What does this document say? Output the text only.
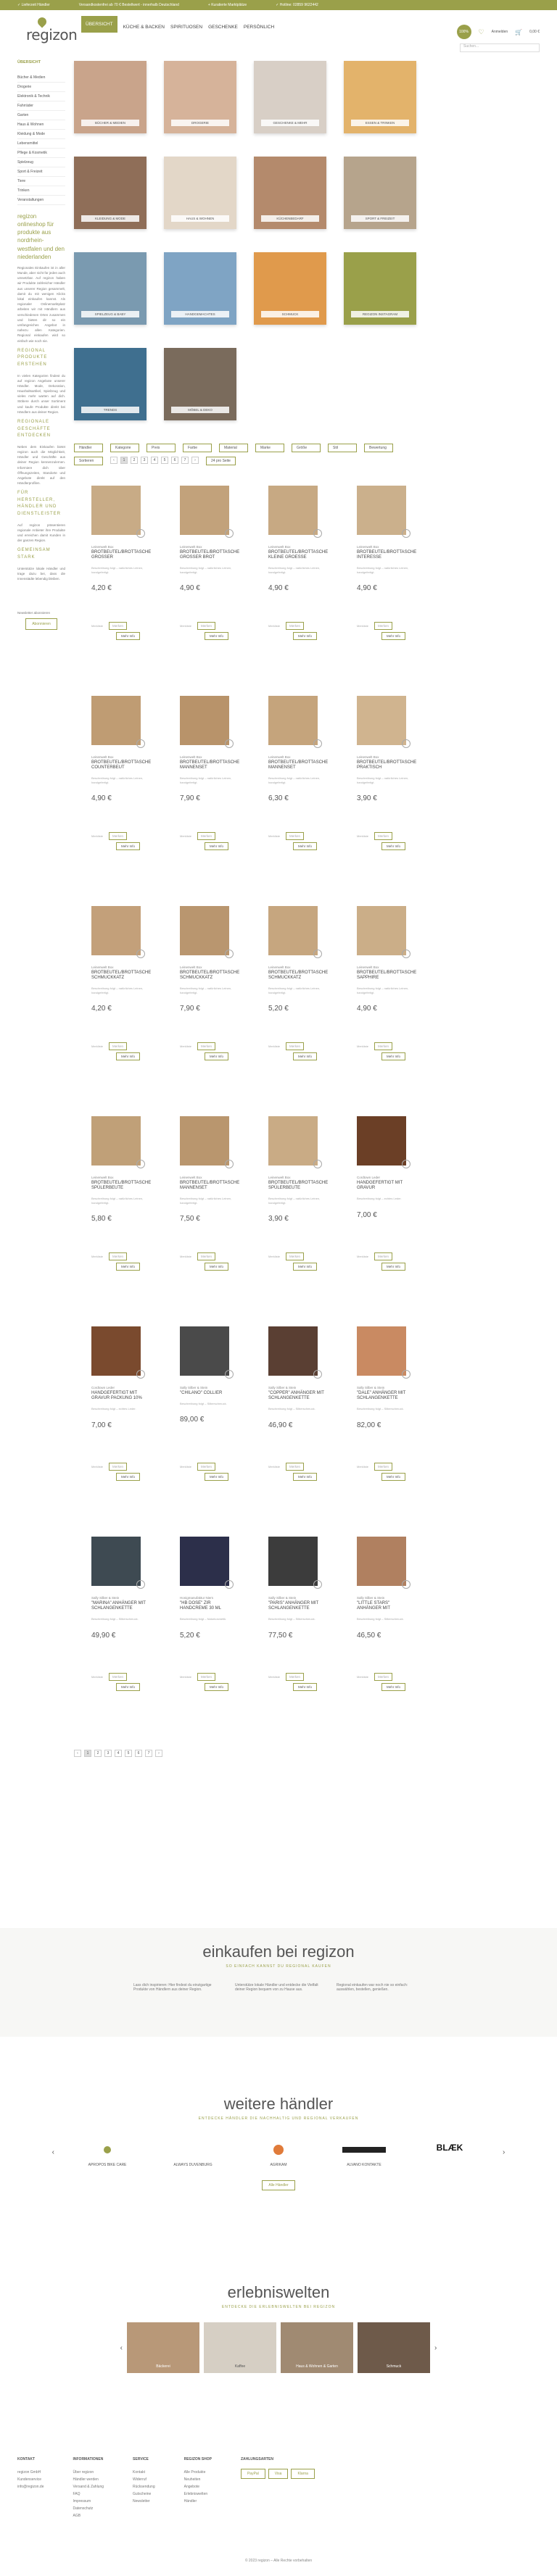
✓ Lieferzeit Händler	Versandkostenfrei ab 70 € Bestellwert - innerhalb Deutschland	+ Kuratierte Marktplätze	✓ Hotline: 02859 9622442
regizon
ÜBERSICHT
KÜCHE & BACKEN SPIRITUOSEN GESCHENKE PERSÖNLICH
100%	♡ Anmelden 🛒 0,00 €
Suchen...
ÜBERSICHT
Bücher & Medien
Drogerie
Elektronik & Technik
Fahrräder
Garten
Haus & Wohnen
Kleidung & Mode
Lebensmittel
Pflege & Kosmetik
Spielzeug
Sport & Freizeit
Tiere
Trinken
Veranstaltungen
regizon onlineshop für produkte aus nordrhein-westfalen und den niederlanden
Regionales Einkaufen ist in aller Munde, aber nicht für jeden auch umsetzbar. Auf regizon haben wir Produkte zahlreicher Händler aus unserer Region gesammelt, damit du mit wenigen Klicks lokal einkaufen kannst. Als regionaler Onlinemarktplatz arbeiten wir mit Händlern aus verschiedenen Orten zusammen und bieten dir so ein umfangreiches Angebot in nahezu allen Kategorien. Regional einkaufen wird so einfach wie noch nie.
REGIONAL PRODUKTE ERSTEHEN
In vielen Kategorien findest du auf regizon Angebote unserer Händler. Mode, Dekoration, Haushaltsartikel, Spielzeug und vieles mehr warten auf dich. Stöbere durch unser Sortiment und kaufe Produkte direkt bei Händlern aus deiner Region.
REGIONALE GESCHÄFTE ENTDECKEN
Neben dem Einkaufen bietet regizon auch die Möglichkeit, Händler und Geschäfte aus deiner Region kennenzulernen. Informiere dich über Öffnungszeiten, Standorte und Angebote direkt auf den Händlerprofilen.
FÜR HERSTELLER, HÄNDLER UND DIENSTLEISTER
Auf regizon präsentieren regionale Anbieter ihre Produkte und erreichen damit Kunden in der ganzen Region.
GEMEINSAM STARK
Unterstütze lokale Händler und trage dazu bei, dass die Innenstädte lebendig bleiben.
Newsletter abonnieren
Abonnieren
BÜCHER & MEDIEN	DROGERIE	GESCHENKE & MEHR	ESSEN & TRINKEN
KLEIDUNG & MODE	HAUS & WOHNEN	KÜCHENBEDARF	SPORT & FREIZEIT
SPIELZEUG & BABY	HANDGEMACHTES	SCHMUCK	REGIZON INSTAGRAM
TRENDS	MÖBEL & DEKO
Händler	Kategorie	Preis	Farbe	Material	Marke	Größe	Stil	Bewertung
Sortieren	‹	1	2	3	4	5	6	7	›	24 pro Seite
Leinenwelt Box
BROTBEUTEL/BROTTASCHE GROSSER
Beschreibung folgt – natürliches Leinen, handgefertigt.
4,20 €
Merkliste	Merken
Mehr Info
Leinenwelt Box
BROTBEUTEL/BROTTASCHE GROSSER BROT
Beschreibung folgt – natürliches Leinen, handgefertigt.
4,90 €
Merkliste	Merken
Mehr Info
Leinenwelt Box
BROTBEUTEL/BROTTASCHE KLEINE GROESSE
Beschreibung folgt – natürliches Leinen, handgefertigt.
4,90 €
Merkliste	Merken
Mehr Info
Leinenwelt Box
BROTBEUTEL/BROTTASCHE INTERESSE
Beschreibung folgt – natürliches Leinen, handgefertigt.
4,90 €
Merkliste	Merken
Mehr Info
Leinenwelt Box
BROTBEUTEL/BROTTASCHE COUNTERBEUT
Beschreibung folgt – natürliches Leinen, handgefertigt.
4,90 €
Merkliste	Merken
Mehr Info
Leinenwelt Box
BROTBEUTEL/BROTTASCHE MANNENSET
Beschreibung folgt – natürliches Leinen, handgefertigt.
7,90 €
Merkliste	Merken
Mehr Info
Leinenwelt Box
BROTBEUTEL/BROTTASCHE MANNENSET
Beschreibung folgt – natürliches Leinen, handgefertigt.
6,30 €
Merkliste	Merken
Mehr Info
Leinenwelt Box
BROTBEUTEL/BROTTASCHE PRAKTISCH
Beschreibung folgt – natürliches Leinen, handgefertigt.
3,90 €
Merkliste	Merken
Mehr Info
Leinenwelt Box
BROTBEUTEL/BROTTASCHE SCHMUCKKATZ
Beschreibung folgt – natürliches Leinen, handgefertigt.
4,20 €
Merkliste	Merken
Mehr Info
Leinenwelt Box
BROTBEUTEL/BROTTASCHE SCHMUCKKATZ
Beschreibung folgt – natürliches Leinen, handgefertigt.
7,90 €
Merkliste	Merken
Mehr Info
Leinenwelt Box
BROTBEUTEL/BROTTASCHE SCHMUCKKATZ
Beschreibung folgt – natürliches Leinen, handgefertigt.
5,20 €
Merkliste	Merken
Mehr Info
Leinenwelt Box
BROTBEUTEL/BROTTASCHE SAPPHIRE
Beschreibung folgt – natürliches Leinen, handgefertigt.
4,90 €
Merkliste	Merken
Mehr Info
Leinenwelt Box
BROTBEUTEL/BROTTASCHE SPÜLERBEUTE
Beschreibung folgt – natürliches Leinen, handgefertigt.
5,80 €
Merkliste	Merken
Mehr Info
Leinenwelt Box
BROTBEUTEL/BROTTASCHE MANNENSET
Beschreibung folgt – natürliches Leinen, handgefertigt.
7,50 €
Merkliste	Merken
Mehr Info
Leinenwelt Box
BROTBEUTEL/BROTTASCHE SPÜLERBEUTE
Beschreibung folgt – natürliches Leinen, handgefertigt.
3,90 €
Merkliste	Merken
Mehr Info
Cordtown Leder
HANDGEFERTIGT MIT GRAVUR
Beschreibung folgt – echtes Leder.
7,00 €
Merkliste	Merken
Mehr Info
Cordtown Leder
HANDGEFERTIGT MIT GRAVUR PACKUNG 10%
Beschreibung folgt – echtes Leder.
7,00 €
Merkliste	Merken
Mehr Info
Sally Silber & Stein
"CHILANO" COLLIER
Beschreibung folgt – Silberschmuck.
89,00 €
Merkliste	Merken
Mehr Info
Sally Silber & Stein
"COPPER" ANHÄNGER MIT SCHLANGENKETTE
Beschreibung folgt – Silberschmuck.
46,90 €
Merkliste	Merken
Mehr Info
Sally Silber & Stein
"DALE" ANHÄNGER MIT SCHLANGENKETTE
Beschreibung folgt – Silberschmuck.
82,00 €
Merkliste	Merken
Mehr Info
Sally Silber & Stein
"MARINA" ANHÄNGER MIT SCHLANGENKETTE
Beschreibung folgt – Silberschmuck.
49,90 €
Merkliste	Merken
Mehr Info
Honigmanufaktur Niers
"HB DOSE" ZIR HANDCREME 30 ML
Beschreibung folgt – Naturkosmetik.
5,20 €
Merkliste	Merken
Mehr Info
Sally Silber & Stein
"PARIS" ANHÄNGER MIT SCHLANGENKETTE
Beschreibung folgt – Silberschmuck.
77,50 €
Merkliste	Merken
Mehr Info
Sally Silber & Stein
"LITTLE STARS" ANHÄNGER MIT
Beschreibung folgt – Silberschmuck.
46,50 €
Merkliste	Merken
Mehr Info
‹	1	2	3	4	5	6	7	›
einkaufen bei regizon
SO EINFACH KANNST DU REGIONAL KAUFEN

Lass dich inspirieren: Hier findest du einzigartige Produkte von Händlern aus deiner Region.

Unterstütze lokale Händler und entdecke die Vielfalt deiner Region bequem von zu Hause aus.

Regional einkaufen war noch nie so einfach: auswählen, bestellen, genießen.

weitere händler
ENTDECKE HÄNDLER DIE NACHHALTIG UND REGIONAL VERKAUFEN
‹
APROPOS BIKE CARE	ALWAYS DUVENBURG	AGRIKAM	ALVANO KONTAKTE
BLÆK	›
Alle Händler
erlebniswelten
ENTDECKE DIE ERLEBNISWELTEN BEI REGIZON
‹
Bäckerei	Kaffee	Haus & Wohnen & Garten	Schmuck
›
KONTAKT
regizon GmbH
Kundenservice
info@regizon.de
INFORMATIONEN
Über regizon
Händler werden
Versand & Zahlung
FAQ
Impressum
Datenschutz
AGB
SERVICE
Kontakt
Widerruf
Rücksendung
Gutscheine
Newsletter
REGIZON SHOP
Alle Produkte
Neuheiten
Angebote
Erlebniswelten
Händler
ZAHLUNGSARTEN
PayPal	Visa	Klarna
© 2023 regizon – Alle Rechte vorbehalten
